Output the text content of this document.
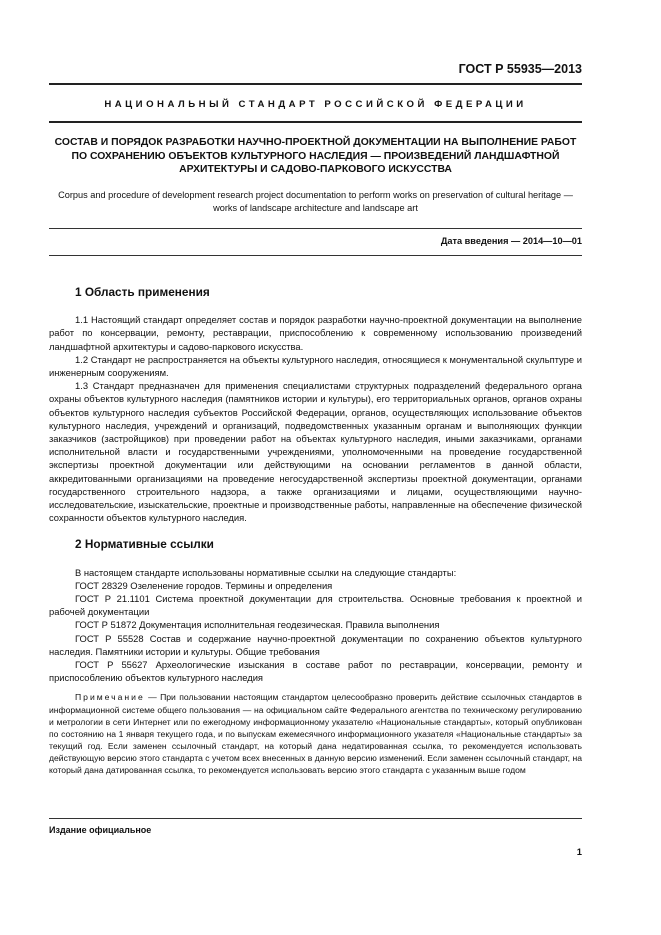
ГОСТ Р 55935—2013
НАЦИОНАЛЬНЫЙ СТАНДАРТ РОССИЙСКОЙ ФЕДЕРАЦИИ
СОСТАВ И ПОРЯДОК РАЗРАБОТКИ НАУЧНО-ПРОЕКТНОЙ ДОКУМЕНТАЦИИ НА ВЫПОЛНЕНИЕ РАБОТ ПО СОХРАНЕНИЮ ОБЪЕКТОВ КУЛЬТУРНОГО НАСЛЕДИЯ — ПРОИЗВЕДЕНИЙ ЛАНДШАФТНОЙ АРХИТЕКТУРЫ И САДОВО-ПАРКОВОГО ИСКУССТВА
Corpus and procedure of development research project documentation to perform works on preservation of cultural heritage — works of landscape architecture and landscape art
Дата введения — 2014—10—01
1 Область применения

1.1 Настоящий стандарт определяет состав и порядок разработки научно-проектной документации на выполнение работ по консервации, ремонту, реставрации, приспособлению к современному использованию произведений ландшафтной архитектуры и садово-паркового искусства.

1.2 Стандарт не распространяется на объекты культурного наследия, относящиеся к монументальной скульптуре и инженерным сооружениям.

1.3 Стандарт предназначен для применения специалистами структурных подразделений федерального органа охраны объектов культурного наследия (памятников истории и культуры), его территориальных органов, органов охраны объектов культурного наследия субъектов Российской Федерации, органов, осуществляющих использование объектов культурного наследия, учреждений и организаций, подведомственных указанным органам и выполняющих функции заказчиков (застройщиков) при проведении работ на объектах культурного наследия, иными заказчиками, органами исполнительной власти и государственными учреждениями, уполномоченными на проведение государственной экспертизы проектной документации или действующими на основании регламентов в данной области, аккредитованными организациями на проведение негосударственной экспертизы проектной документации, органами государственного строительного надзора, а также организациями и лицами, осуществляющими научно-исследовательские, изыскательские, проектные и производственные работы, направленные на обеспечение физической сохранности объектов культурного наследия.

2 Нормативные ссылки

В настоящем стандарте использованы нормативные ссылки на следующие стандарты:

ГОСТ 28329 Озеленение городов. Термины и определения

ГОСТ Р 21.1101 Система проектной документации для строительства. Основные требования к проектной и рабочей документации

ГОСТ Р 51872 Документация исполнительная геодезическая. Правила выполнения

ГОСТ Р 55528 Состав и содержание научно-проектной документации по сохранению объектов культурного наследия. Памятники истории и культуры. Общие требования

ГОСТ Р 55627 Археологические изыскания в составе работ по реставрации, консервации, ремонту и приспособлению объектов культурного наследия

Примечание — При пользовании настоящим стандартом целесообразно проверить действие ссылочных стандартов в информационной системе общего пользования — на официальном сайте Федерального агентства по техническому регулированию и метрологии в сети Интернет или по ежегодному информационному указателю «Национальные стандарты», который опубликован по состоянию на 1 января текущего года, и по выпускам ежемесячного информационного указателя «Национальные стандарты» за текущий год. Если заменен ссылочный стандарт, на который дана недатированная ссылка, то рекомендуется использовать действующую версию этого стандарта с учетом всех внесенных в данную версию изменений. Если заменен ссылочный стандарт, на который дана датированная ссылка, то рекомендуется использовать версию этого стандарта с указанным выше годом

Издание официальное
1
